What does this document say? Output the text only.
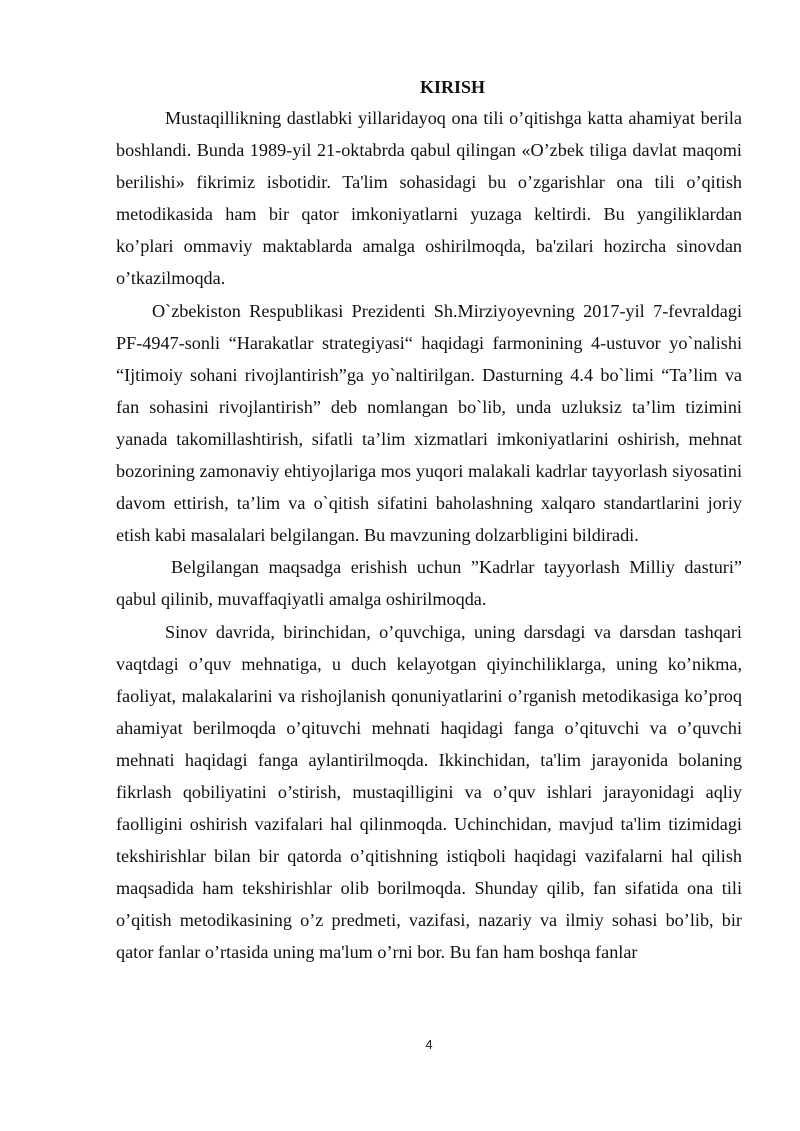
KIRISH

Mustaqillikning dastlabki yillaridayoq ona tili o’qitishga katta ahamiyat berila boshlandi. Bunda 1989-yil 21-oktabrda qabul qilingan «O’zbek tiliga davlat maqomi berilishi» fikrimiz isbotidir. Ta'lim sohasidagi bu o’zgarishlar ona tili o’qitish metodikasida ham bir qator imkoniyatlarni yuzaga keltirdi. Bu yangiliklardan ko’plari ommaviy maktablarda amalga oshirilmoqda, ba'zilari hozircha sinovdan o’tkazilmoqda.

O`zbekiston Respublikasi Prezidenti Sh.Mirziyoyevning 2017-yil 7-fevraldagi PF-4947-sonli “Harakatlar strategiyasi“ haqidagi farmonining 4-ustuvor yo`nalishi “Ijtimoiy sohani rivojlantirish”ga yo`naltirilgan. Dasturning 4.4 bo`limi “Ta’lim va fan sohasini rivojlantirish” deb nomlangan bo`lib, unda uzluksiz ta’lim tizimini yanada takomillashtirish, sifatli ta’lim xizmatlari imkoniyatlarini oshirish, mehnat bozorining zamonaviy ehtiyojlariga mos yuqori malakali kadrlar tayyorlash siyosatini davom ettirish, ta’lim va o`qitish sifatini baholashning xalqaro standartlarini joriy etish kabi masalalari belgilangan. Bu mavzuning dolzarbligini bildiradi.

Belgilangan maqsadga erishish uchun ”Kadrlar tayyorlash Milliy dasturi” qabul qilinib, muvaffaqiyatli amalga oshirilmoqda.

Sinov davrida, birinchidan, o’quvchiga, uning darsdagi va darsdan tashqari vaqtdagi o’quv mehnatiga, u duch kelayotgan qiyinchiliklarga, uning ko’nikma, faoliyat, malakalarini va rishojlanish qonuniyatlarini o’rganish metodikasiga ko’proq ahamiyat berilmoqda o’qituvchi mehnati haqidagi fanga o’qituvchi va o’quvchi mehnati haqidagi fanga aylantirilmoqda. Ikkinchidan, ta'lim jarayonida bolaning fikrlash qobiliyatini o’stirish, mustaqilligini va o’quv ishlari jarayonidagi aqliy faolligini oshirish vazifalari hal qilinmoqda. Uchinchidan, mavjud ta'lim tizimidagi tekshirishlar bilan bir qatorda o’qitishning istiqboli haqidagi vazifalarni hal qilish maqsadida ham tekshirishlar olib borilmoqda. Shunday qilib, fan sifatida ona tili o’qitish metodikasining o’z predmeti, vazifasi, nazariy va ilmiy sohasi bo’lib, bir qator fanlar o’rtasida uning ma'lum o’rni bor. Bu fan ham boshqa fanlar

4
